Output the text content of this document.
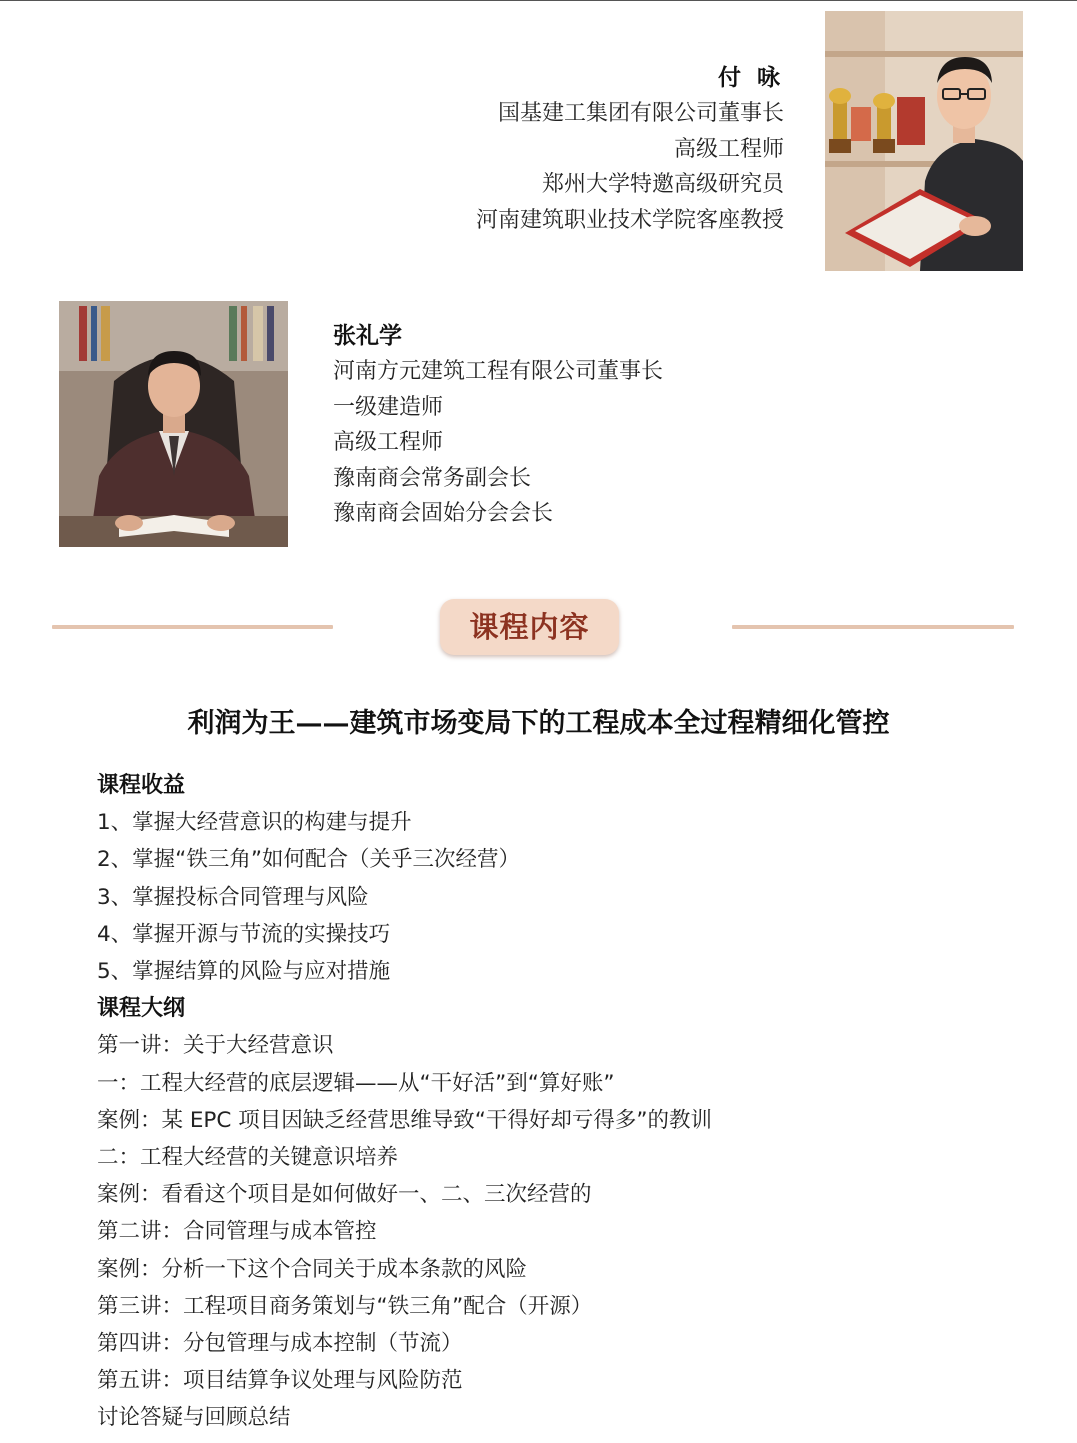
付 咏
国基建工集团有限公司董事长
高级工程师
郑州大学特邀高级研究员
河南建筑职业技术学院客座教授
张礼学
河南方元建筑工程有限公司董事长
一级建造师
高级工程师
豫南商会常务副会长
豫南商会固始分会会长
课程内容
利润为王——建筑市场变局下的工程成本全过程精细化管控
课程收益
1、掌握大经营意识的构建与提升
2、掌握“铁三角”如何配合（关乎三次经营）
3、掌握投标合同管理与风险
4、掌握开源与节流的实操技巧
5、掌握结算的风险与应对措施
课程大纲
第一讲：关于大经营意识
一：工程大经营的底层逻辑——从“干好活”到“算好账”
案例：某 EPC 项目因缺乏经营思维导致“干得好却亏得多”的教训
二：工程大经营的关键意识培养
案例：看看这个项目是如何做好一、二、三次经营的
第二讲：合同管理与成本管控
案例：分析一下这个合同关于成本条款的风险
第三讲：工程项目商务策划与“铁三角”配合（开源）
第四讲：分包管理与成本控制（节流）
第五讲：项目结算争议处理与风险防范
讨论答疑与回顾总结
